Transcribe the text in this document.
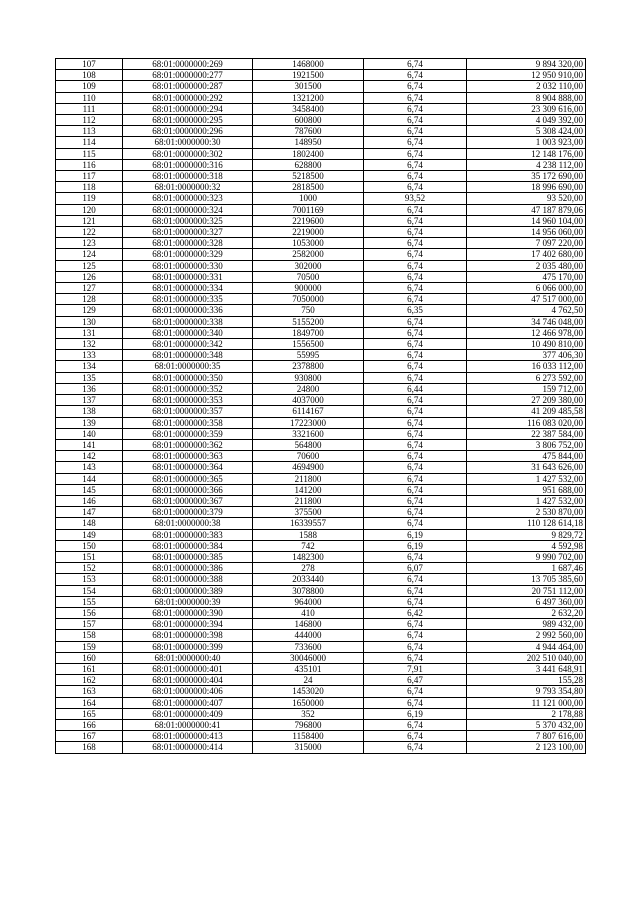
107	68:01:0000000:269	1468000	6,74	9 894 320,00
108	68:01:0000000:277	1921500	6,74	12 950 910,00
109	68:01:0000000:287	301500	6,74	2 032 110,00
110	68:01:0000000:292	1321200	6,74	8 904 888,00
111	68:01:0000000:294	3458400	6,74	23 309 616,00
112	68:01:0000000:295	600800	6,74	4 049 392,00
113	68:01:0000000:296	787600	6,74	5 308 424,00
114	68:01:0000000:30	148950	6,74	1 003 923,00
115	68:01:0000000:302	1802400	6,74	12 148 176,00
116	68:01:0000000:316	628800	6,74	4 238 112,00
117	68:01:0000000:318	5218500	6,74	35 172 690,00
118	68:01:0000000:32	2818500	6,74	18 996 690,00
119	68:01:0000000:323	1000	93,52	93 520,00
120	68:01:0000000:324	7001169	6,74	47 187 879,06
121	68:01:0000000:325	2219600	6,74	14 960 104,00
122	68:01:0000000:327	2219000	6,74	14 956 060,00
123	68:01:0000000:328	1053000	6,74	7 097 220,00
124	68:01:0000000:329	2582000	6,74	17 402 680,00
125	68:01:0000000:330	302000	6,74	2 035 480,00
126	68:01:0000000:331	70500	6,74	475 170,00
127	68:01:0000000:334	900000	6,74	6 066 000,00
128	68:01:0000000:335	7050000	6,74	47 517 000,00
129	68:01:0000000:336	750	6,35	4 762,50
130	68:01:0000000:338	5155200	6,74	34 746 048,00
131	68:01:0000000:340	1849700	6,74	12 466 978,00
132	68:01:0000000:342	1556500	6,74	10 490 810,00
133	68:01:0000000:348	55995	6,74	377 406,30
134	68:01:0000000:35	2378800	6,74	16 033 112,00
135	68:01:0000000:350	930800	6,74	6 273 592,00
136	68:01:0000000:352	24800	6,44	159 712,00
137	68:01:0000000:353	4037000	6,74	27 209 380,00
138	68:01:0000000:357	6114167	6,74	41 209 485,58
139	68:01:0000000:358	17223000	6,74	116 083 020,00
140	68:01:0000000:359	3321600	6,74	22 387 584,00
141	68:01:0000000:362	564800	6,74	3 806 752,00
142	68:01:0000000:363	70600	6,74	475 844,00
143	68:01:0000000:364	4694900	6,74	31 643 626,00
144	68:01:0000000:365	211800	6,74	1 427 532,00
145	68:01:0000000:366	141200	6,74	951 688,00
146	68:01:0000000:367	211800	6,74	1 427 532,00
147	68:01:0000000:379	375500	6,74	2 530 870,00
148	68:01:0000000:38	16339557	6,74	110 128 614,18
149	68:01:0000000:383	1588	6,19	9 829,72
150	68:01:0000000:384	742	6,19	4 592,98
151	68:01:0000000:385	1482300	6,74	9 990 702,00
152	68:01:0000000:386	278	6,07	1 687,46
153	68:01:0000000:388	2033440	6,74	13 705 385,60
154	68:01:0000000:389	3078800	6,74	20 751 112,00
155	68:01:0000000:39	964000	6,74	6 497 360,00
156	68:01:0000000:390	410	6,42	2 632,20
157	68:01:0000000:394	146800	6,74	989 432,00
158	68:01:0000000:398	444000	6,74	2 992 560,00
159	68:01:0000000:399	733600	6,74	4 944 464,00
160	68:01:0000000:40	30046000	6,74	202 510 040,00
161	68:01:0000000:401	435101	7,91	3 441 648,91
162	68:01:0000000:404	24	6,47	155,28
163	68:01:0000000:406	1453020	6,74	9 793 354,80
164	68:01:0000000:407	1650000	6,74	11 121 000,00
165	68:01:0000000:409	352	6,19	2 178,88
166	68:01:0000000:41	796800	6,74	5 370 432,00
167	68:01:0000000:413	1158400	6,74	7 807 616,00
168	68:01:0000000:414	315000	6,74	2 123 100,00
